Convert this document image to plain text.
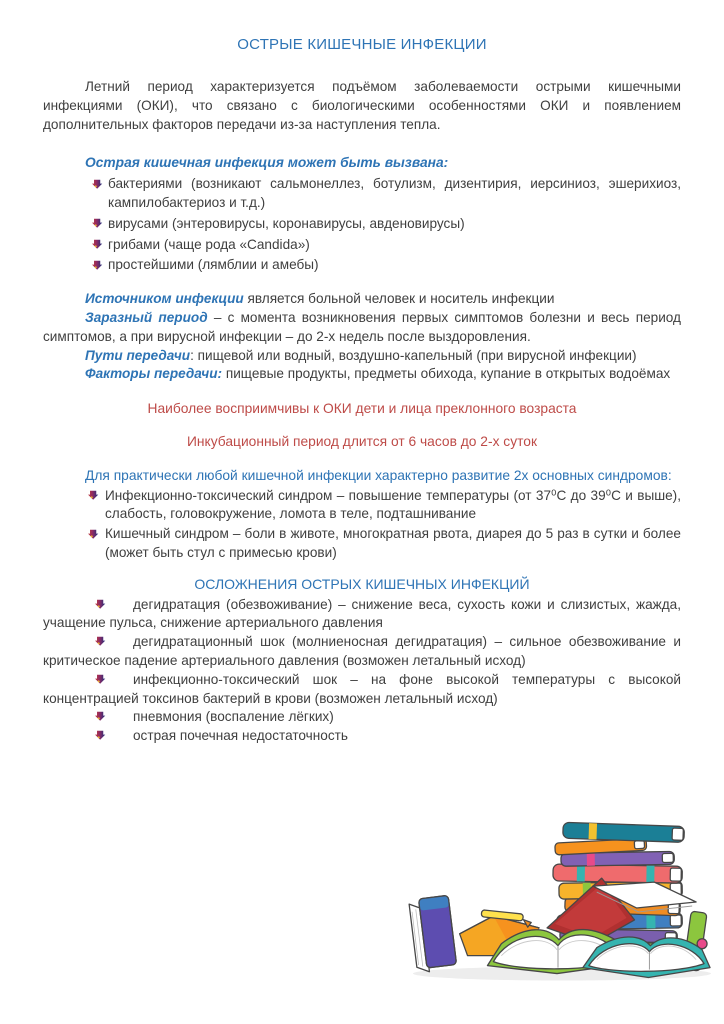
ОСТРЫЕ КИШЕЧНЫЕ ИНФЕКЦИИ

Летний период характеризуется подъёмом заболеваемости острыми кишечными инфекциями (ОКИ), что связано с биологическими особенностями ОКИ и появлением дополнительных факторов передачи из-за наступления тепла.

Острая кишечная инфекция может быть вызвана:
бактериями (возникают сальмонеллез, ботулизм, дизентирия, иерсиниоз, эшерихиоз, кампилобактериоз и т.д.)
вирусами (энтеровирусы, коронавирусы, авденовирусы)
грибами (чаще рода «Candida»)
простейшими (лямблии и амебы)

Источником инфекции является больной человек и носитель инфекции

Заразный период – с момента возникновения первых симптомов болезни и весь период симптомов, а при вирусной инфекции – до 2-х недель после выздоровления.

Пути передачи: пищевой или водный, воздушно-капельный (при вирусной инфекции)

Факторы передачи: пищевые продукты, предметы обихода, купание в открытых водоёмах

Наиболее восприимчивы к ОКИ дети и лица преклонного возраста

Инкубационный период длится от 6 часов до 2-х суток

Для практически любой кишечной инфекции характерно развитие 2х основных синдромов:
Инфекционно-токсический синдром – повышение температуры (от 37⁰С до 39⁰С и выше), слабость, головокружение, ломота в теле, подташнивание
Кишечный синдром – боли в животе, многократная рвота, диарея до 5 раз в сутки и более (может быть стул с примесью крови)
ОСЛОЖНЕНИЯ ОСТРЫХ КИШЕЧНЫХ ИНФЕКЦИЙ
дегидратация (обезвоживание) – снижение веса, сухость кожи и слизистых, жажда, учащение пульса, снижение артериального давления
дегидратационный шок (молниеносная дегидратация) – сильное обезвоживание и критическое падение артериального давления (возможен летальный исход)
инфекционно-токсический шок – на фоне высокой температуры с высокой концентрацией токсинов бактерий в крови (возможен летальный исход)
пневмония (воспаление лёгких)
острая почечная недостаточность
